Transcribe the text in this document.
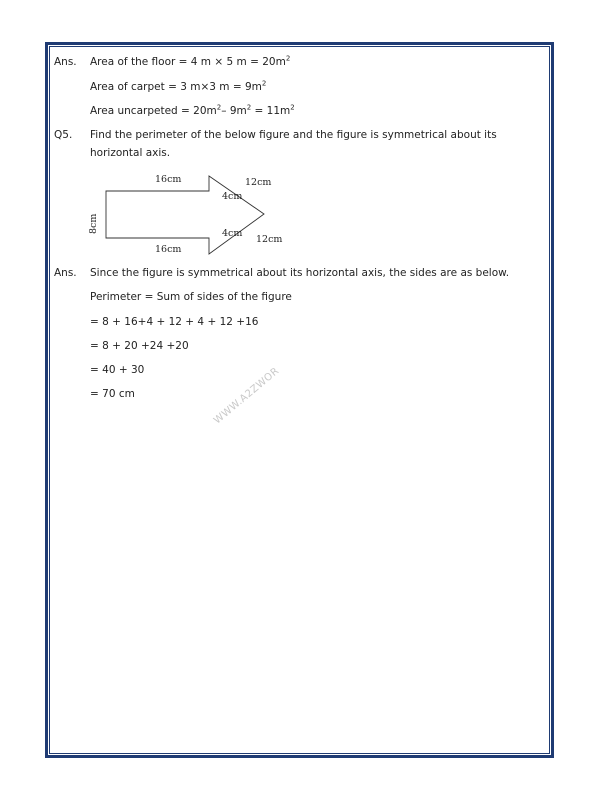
Ans. Area of the floor = 4 m × 5 $m = 20m^2$
Area of carpet = 3 m×3 $m = 9m^2$
Area uncarpeted = $20m^2-$ $9m^2 = 11m^2$
Q5. Find the perimeter of the below figure and the figure is symmetrical about its
horizontal axis.
16cm
16cm
12cm
12cm
4cm
4cm
8cm
Ans. Since the figure is symmetrical about its horizontal axis, the sides are as below.
Perimeter = Sum of sides of the figure
= 8 + 16+4 + 12 + 4 + 12 +16
= 8 + 20 +24 +20
= 40 + 30
= 70 cm	WWW.A2ZWOR
